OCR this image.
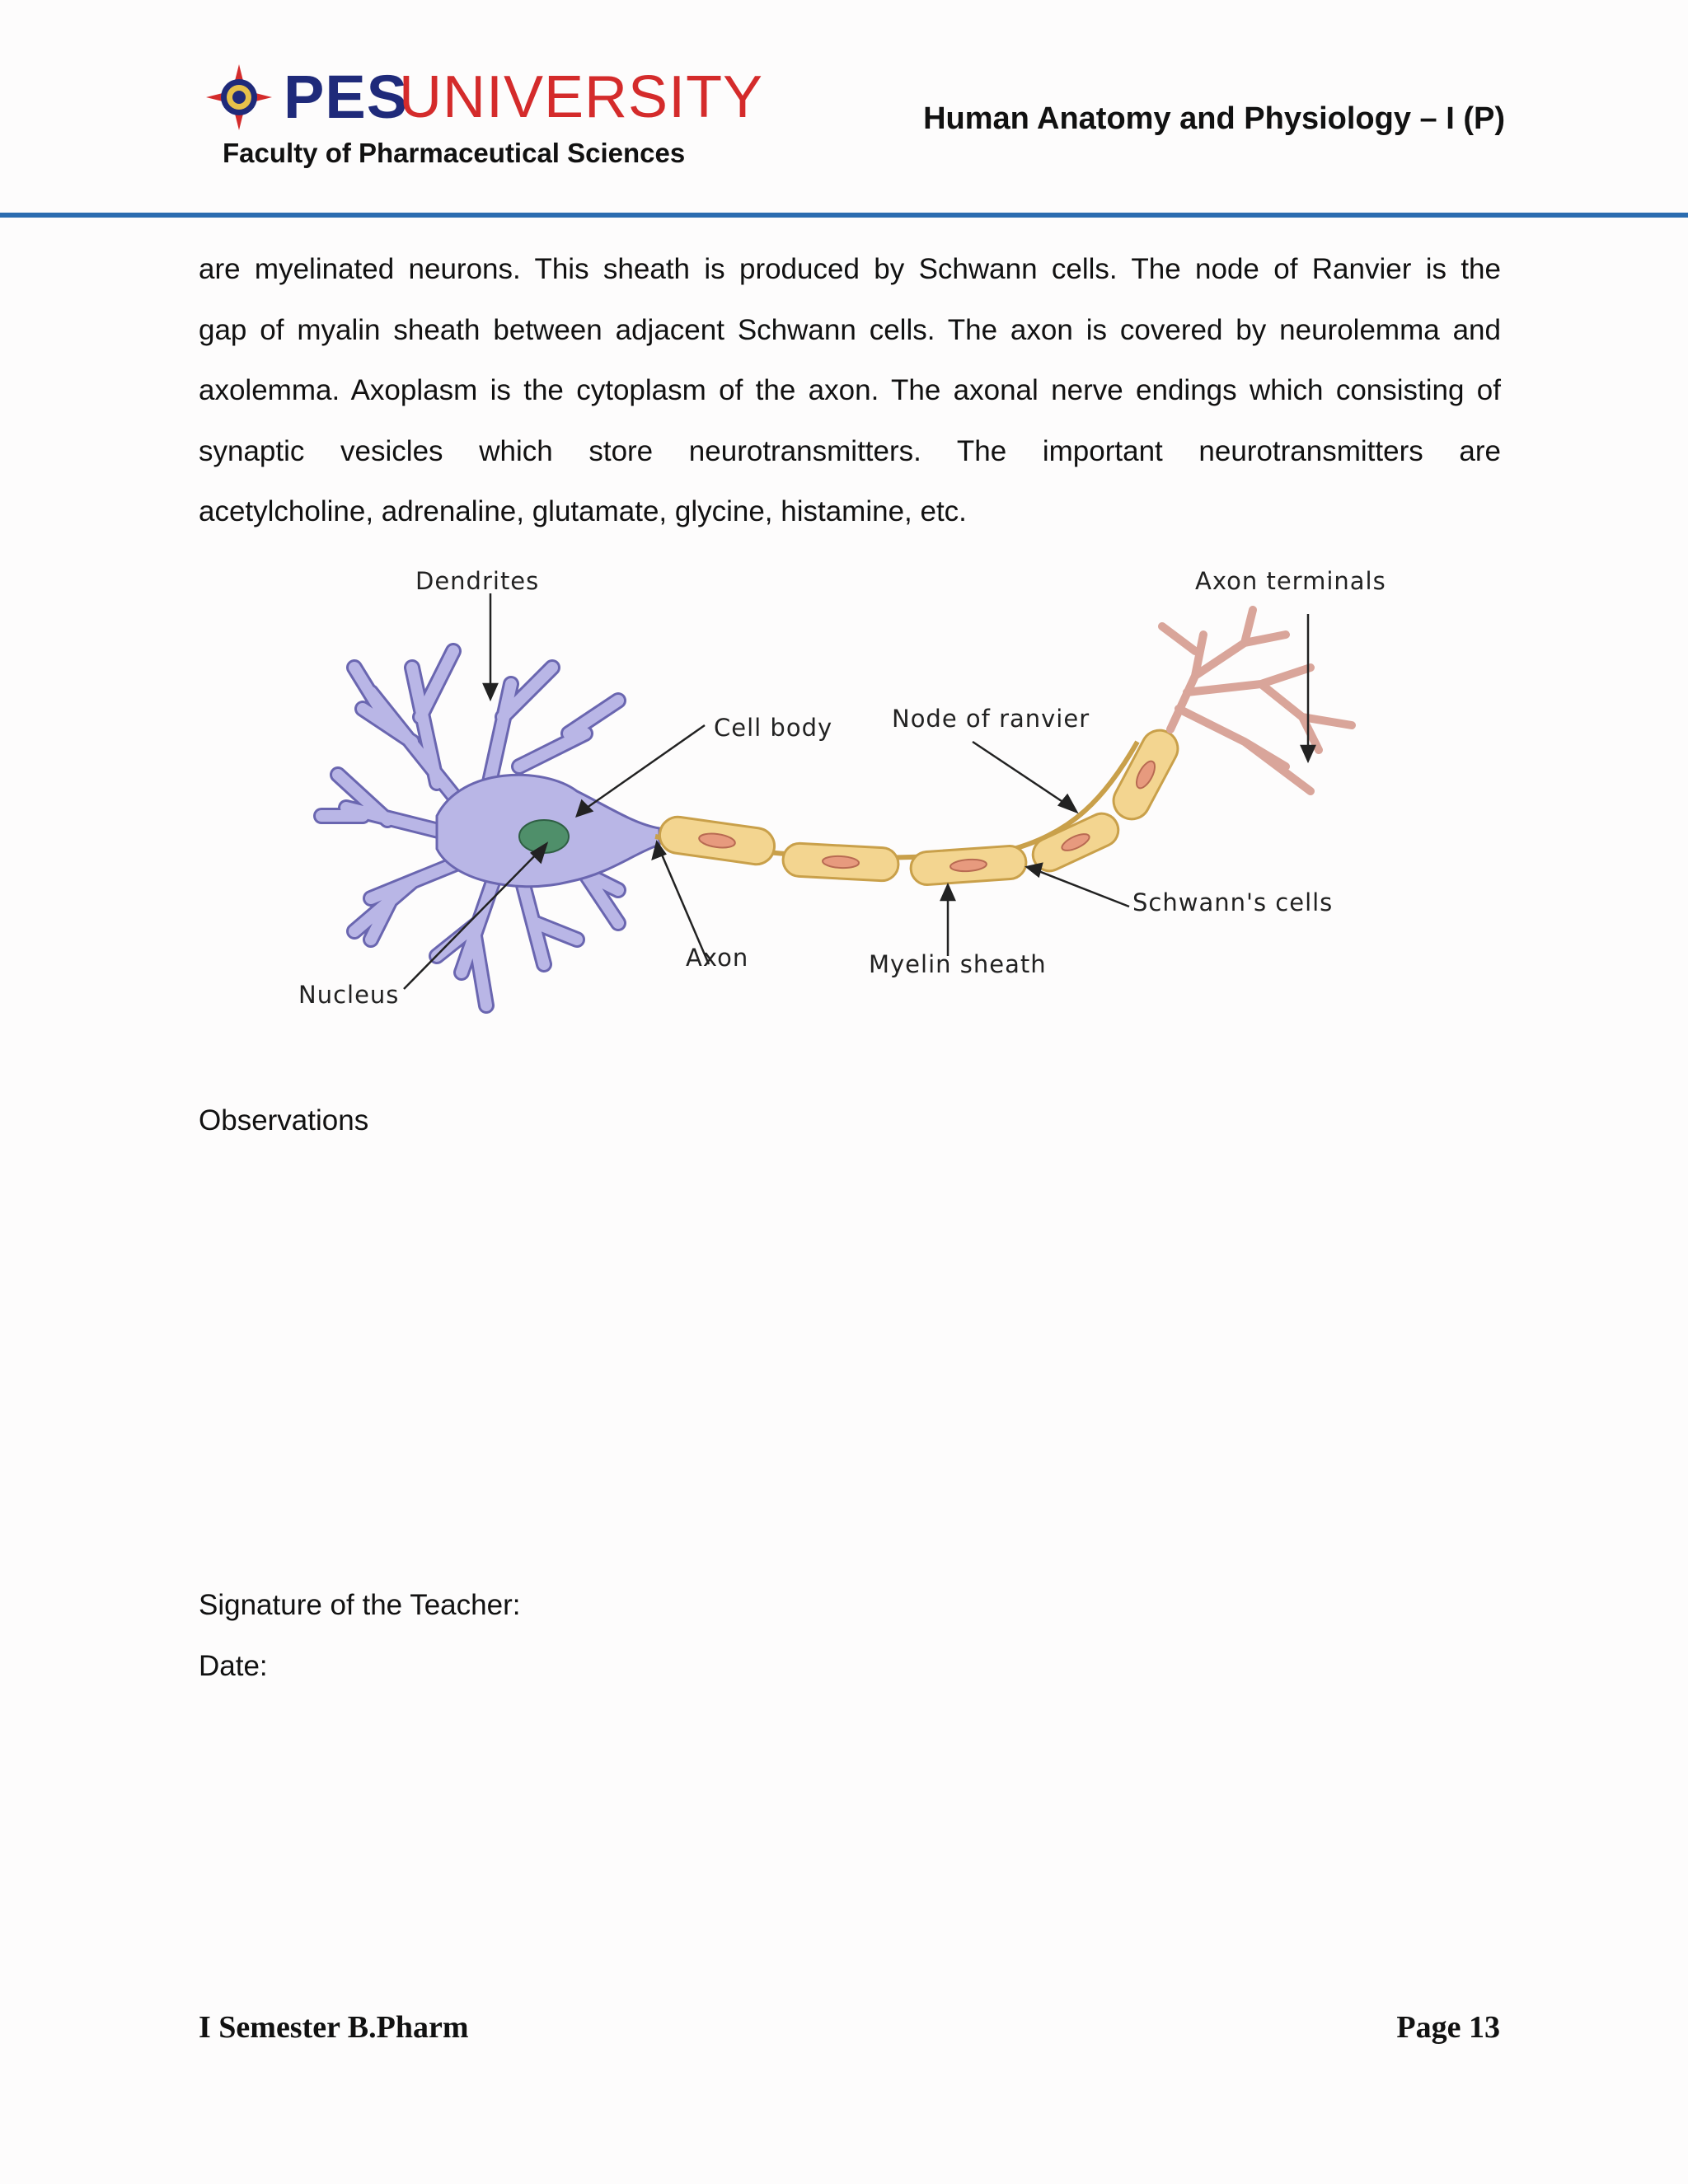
PES
UNIVERSITY
Faculty of Pharmaceutical Sciences
Human Anatomy and Physiology – I (P)
are myelinated neurons. This sheath is produced by Schwann cells. The node of Ranvier is the
gap of myalin sheath between adjacent Schwann cells. The axon is covered by neurolemma and
axolemma. Axoplasm is the cytoplasm of the axon. The axonal nerve endings which consisting of
synaptic vesicles which store neurotransmitters. The important neurotransmitters are
acetylcholine, adrenaline, glutamate, glycine, histamine, etc.
Dendrites	Axon terminals
Cell body Node of ranvier
Schwann's cells
Myelin sheath
Axon
Nucleus
Observations
Signature of the Teacher:
Date:
I Semester B.Pharm	Page 13
